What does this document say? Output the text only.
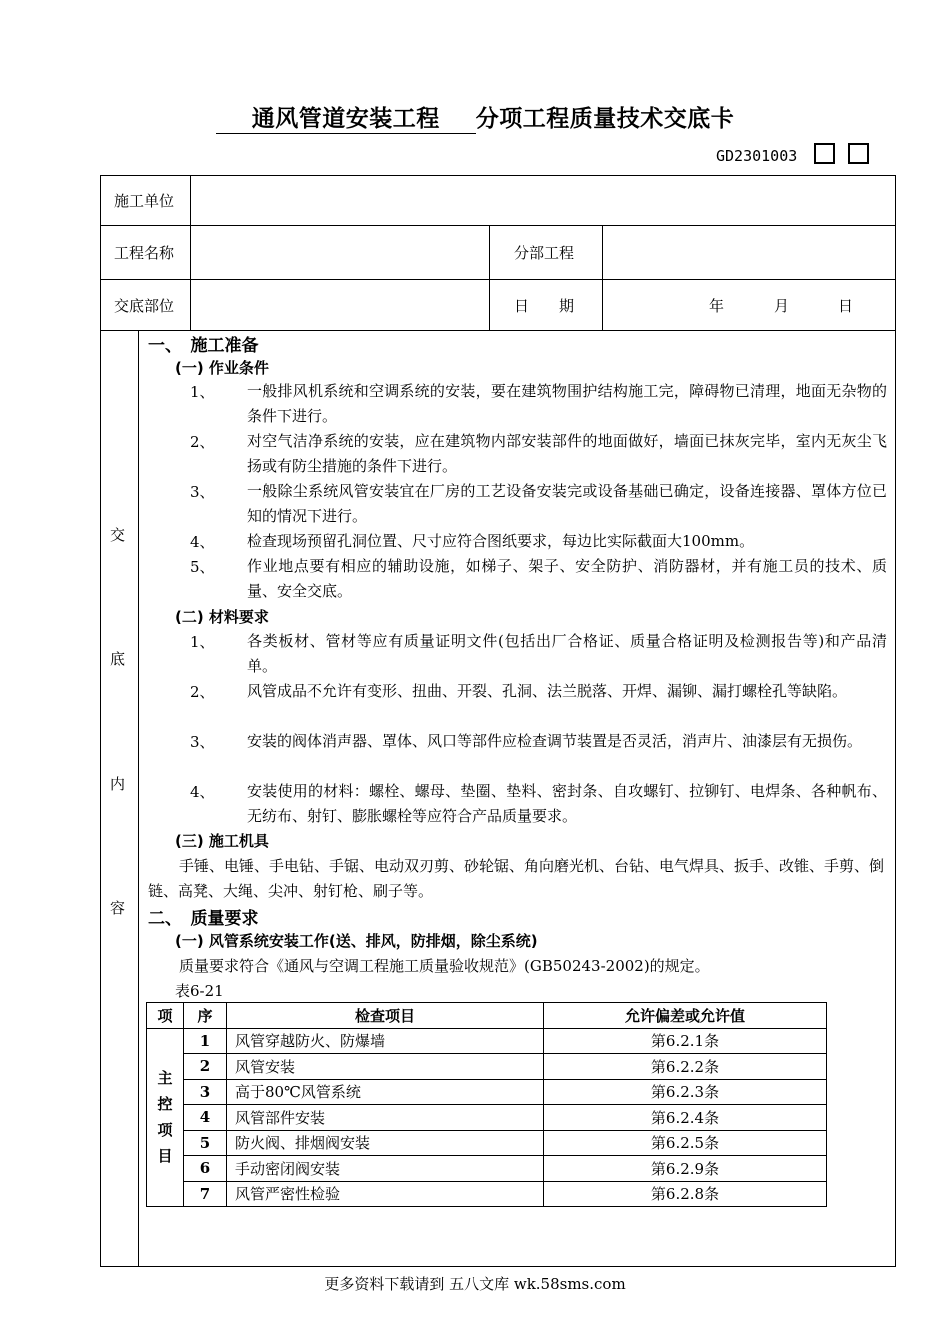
通风管道安装工程 分项工程质量技术交底卡
GD2301003
施工单位
工程名称	分部工程
交底部位	日　　期	年	月	日
交
底
内
容
一、　施工准备
(一) 作业条件
1、 一般排风机系统和空调系统的安装，要在建筑物围护结构施工完，障碍物已清理，地面无杂物的条件下进行。
2、 对空气洁净系统的安装，应在建筑物内部安装部件的地面做好，墙面已抹灰完毕，室内无灰尘飞扬或有防尘措施的条件下进行。
3、 一般除尘系统风管安装宜在厂房的工艺设备安装完或设备基础已确定，设备连接器、罩体方位已知的情况下进行。
4、 检查现场预留孔洞位置、尺寸应符合图纸要求，每边比实际截面大100mm。
5、 作业地点要有相应的辅助设施，如梯子、架子、安全防护、消防器材，并有施工员的技术、质量、安全交底。
(二) 材料要求
1、 各类板材、管材等应有质量证明文件(包括出厂合格证、质量合格证明及检测报告等)和产品清单。
2、 风管成品不允许有变形、扭曲、开裂、孔洞、法兰脱落、开焊、漏铆、漏打螺栓孔等缺陷。
3、 安装的阀体消声器、罩体、风口等部件应检查调节装置是否灵活，消声片、油漆层有无损伤。
4、 安装使用的材料：螺栓、螺母、垫圈、垫料、密封条、自攻螺钉、拉铆钉、电焊条、各种帆布、无纺布、射钉、膨胀螺栓等应符合产品质量要求。
(三) 施工机具
手锤、电锤、手电钻、手锯、电动双刃剪、砂轮锯、角向磨光机、台钻、电气焊具、扳手、改锥、手剪、倒链、高凳、大绳、尖冲、射钉枪、刷子等。
二、　质量要求
(一) 风管系统安装工作(送、排风，防排烟，除尘系统)
质量要求符合《通风与空调工程施工质量验收规范》(GB50243-2002)的规定。
表6-21
项	序	检查项目	允许偏差或允许值
主控项目	1	风管穿越防火、防爆墙	第6.2.1条
	2	风管安装	第6.2.2条
	3	高于80℃风管系统	第6.2.3条
	4	风管部件安装	第6.2.4条
	5	防火阀、排烟阀安装	第6.2.5条
	6	手动密闭阀安装	第6.2.9条
	7	风管严密性检验	第6.2.8条
更多资料下载请到 五八文库 wk.58sms.com
